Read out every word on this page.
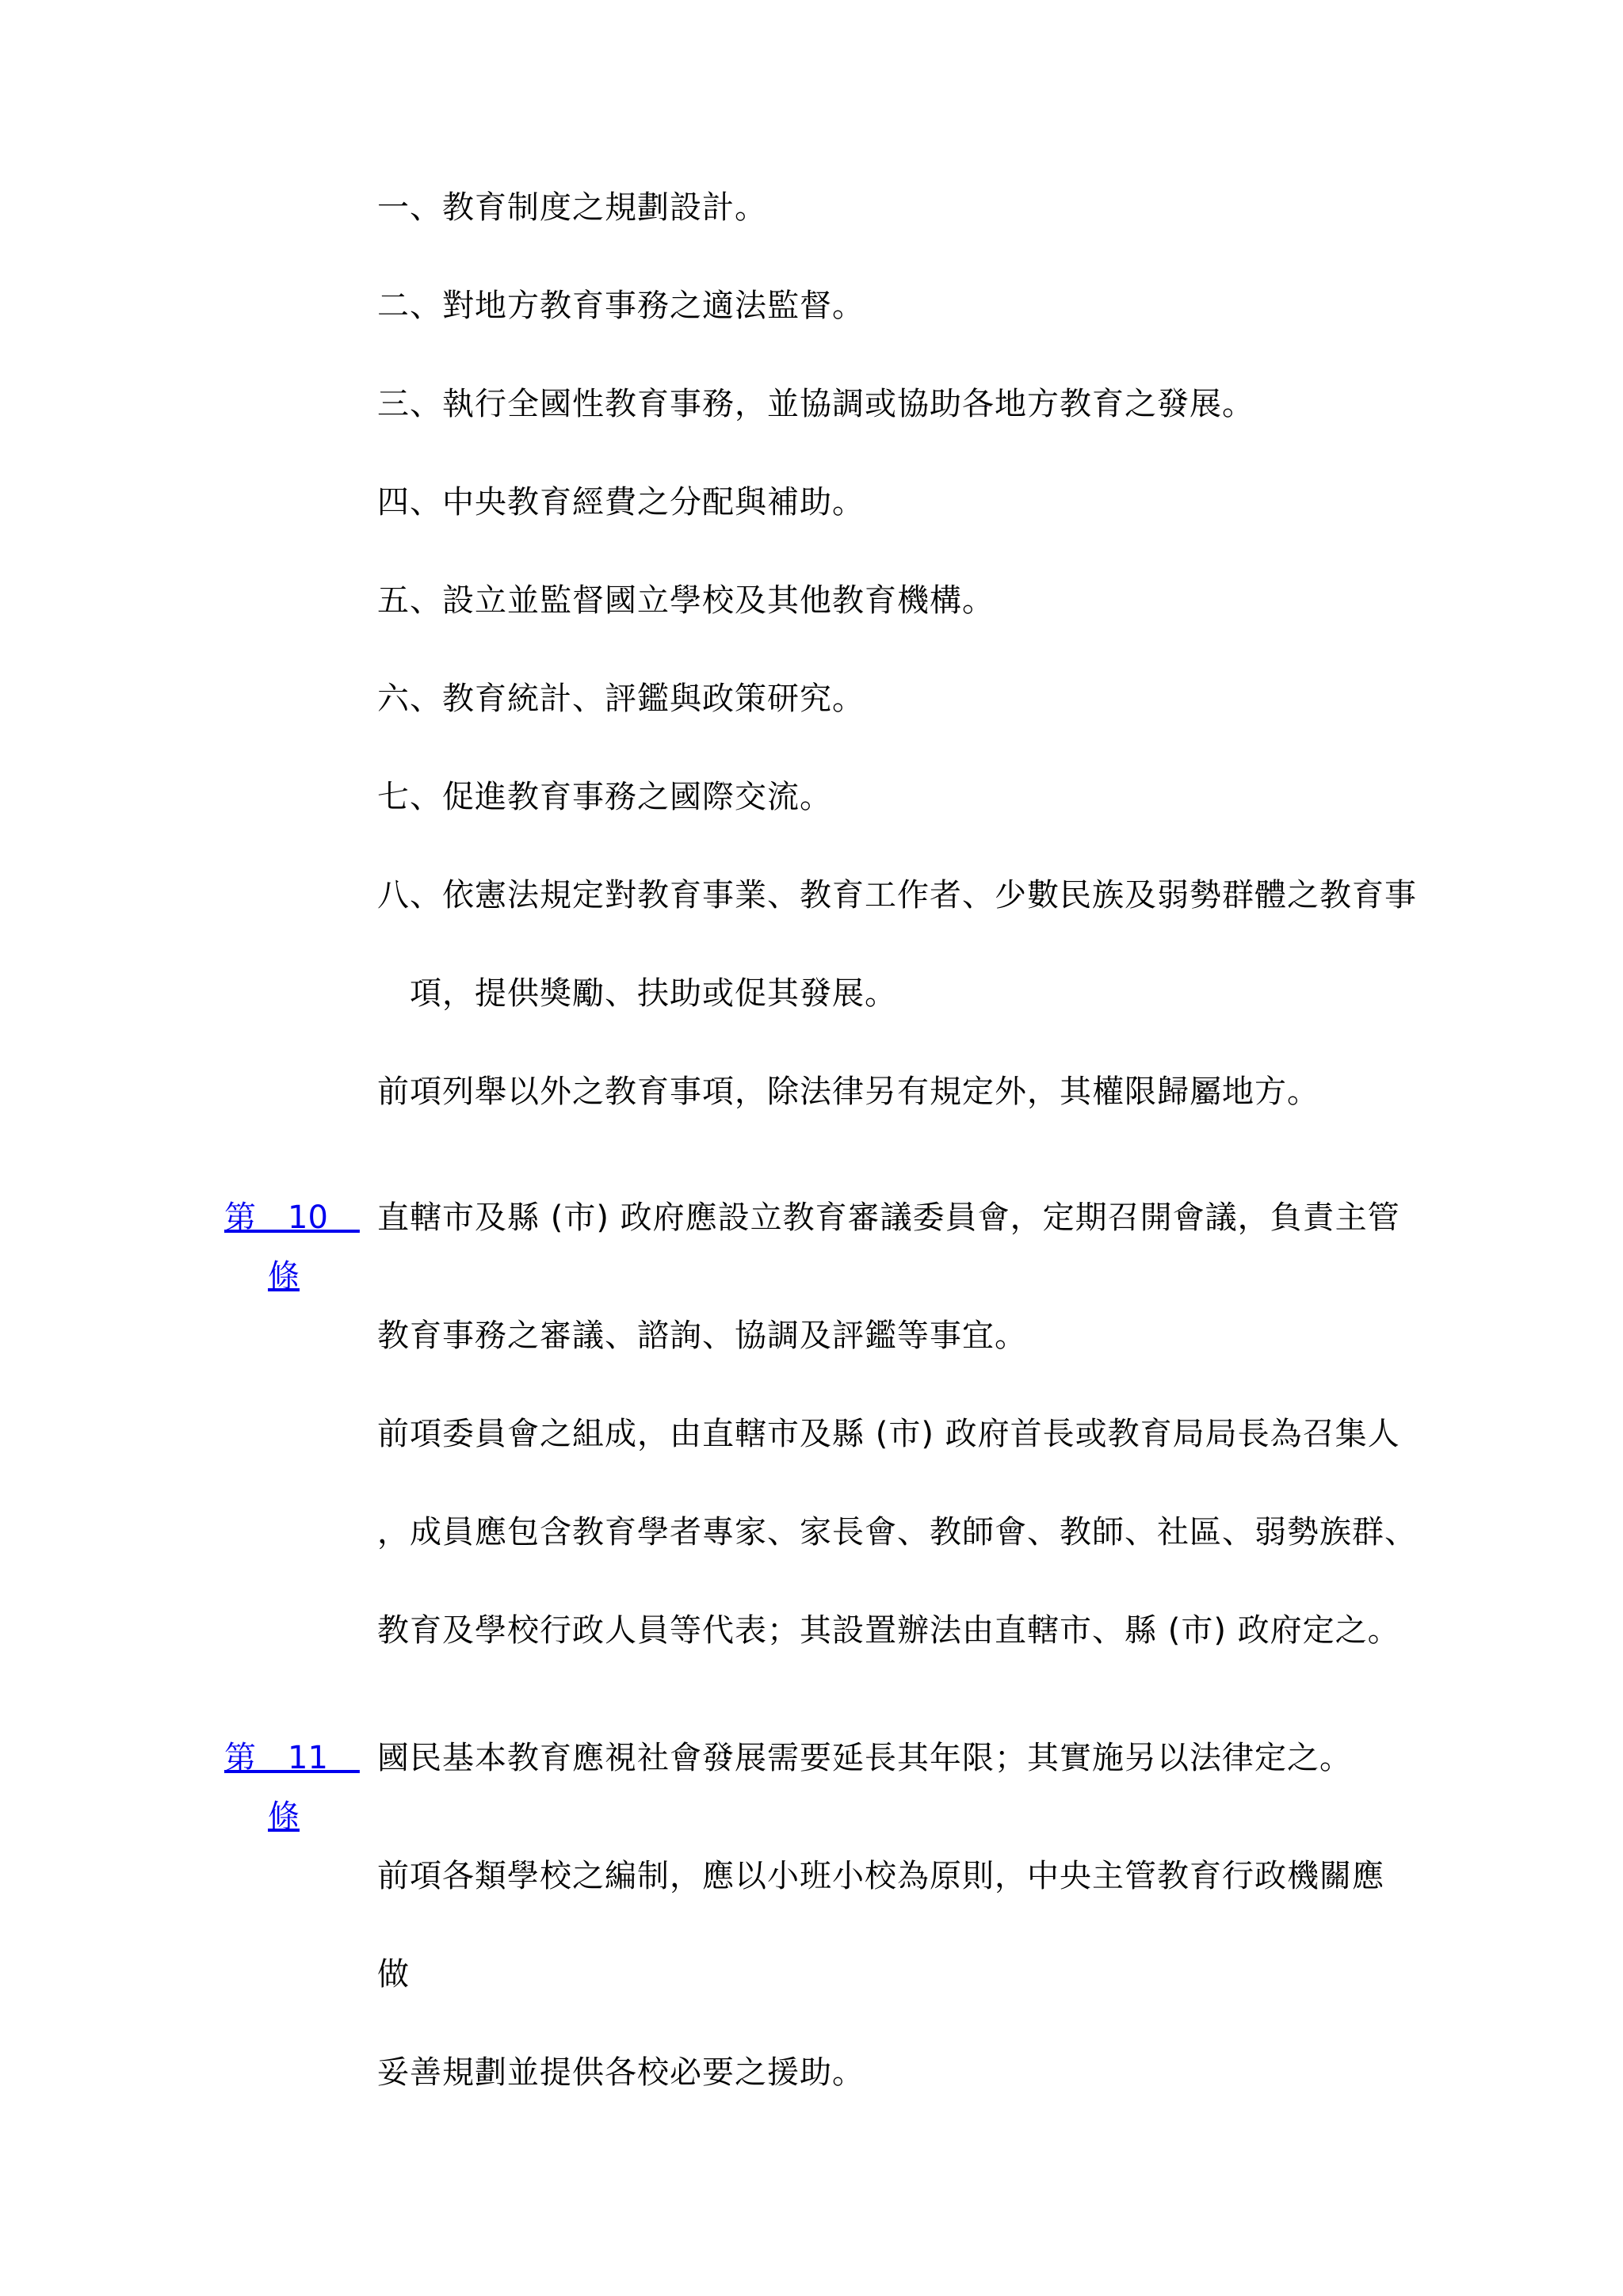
一、教育制度之規劃設計。
二、對地方教育事務之適法監督。
三、執行全國性教育事務，並協調或協助各地方教育之發展。
四、中央教育經費之分配與補助。
五、設立並監督國立學校及其他教育機構。
六、教育統計、評鑑與政策研究。
七、促進教育事務之國際交流。
八、依憲法規定對教育事業、教育工作者、少數民族及弱勢群體之教育事
　項，提供獎勵、扶助或促其發展。
前項列舉以外之教育事項，除法律另有規定外，其權限歸屬地方。
第　10　
條
直轄市及縣 (市) 政府應設立教育審議委員會，定期召開會議，負責主管
教育事務之審議、諮詢、協調及評鑑等事宜。
前項委員會之組成，由直轄市及縣 (市) 政府首長或教育局局長為召集人
，成員應包含教育學者專家、家長會、教師會、教師、社區、弱勢族群、
教育及學校行政人員等代表；其設置辦法由直轄市、縣 (市) 政府定之。
第　11　
條
國民基本教育應視社會發展需要延長其年限；其實施另以法律定之。
前項各類學校之編制，應以小班小校為原則，中央主管教育行政機關應
做
妥善規劃並提供各校必要之援助。
